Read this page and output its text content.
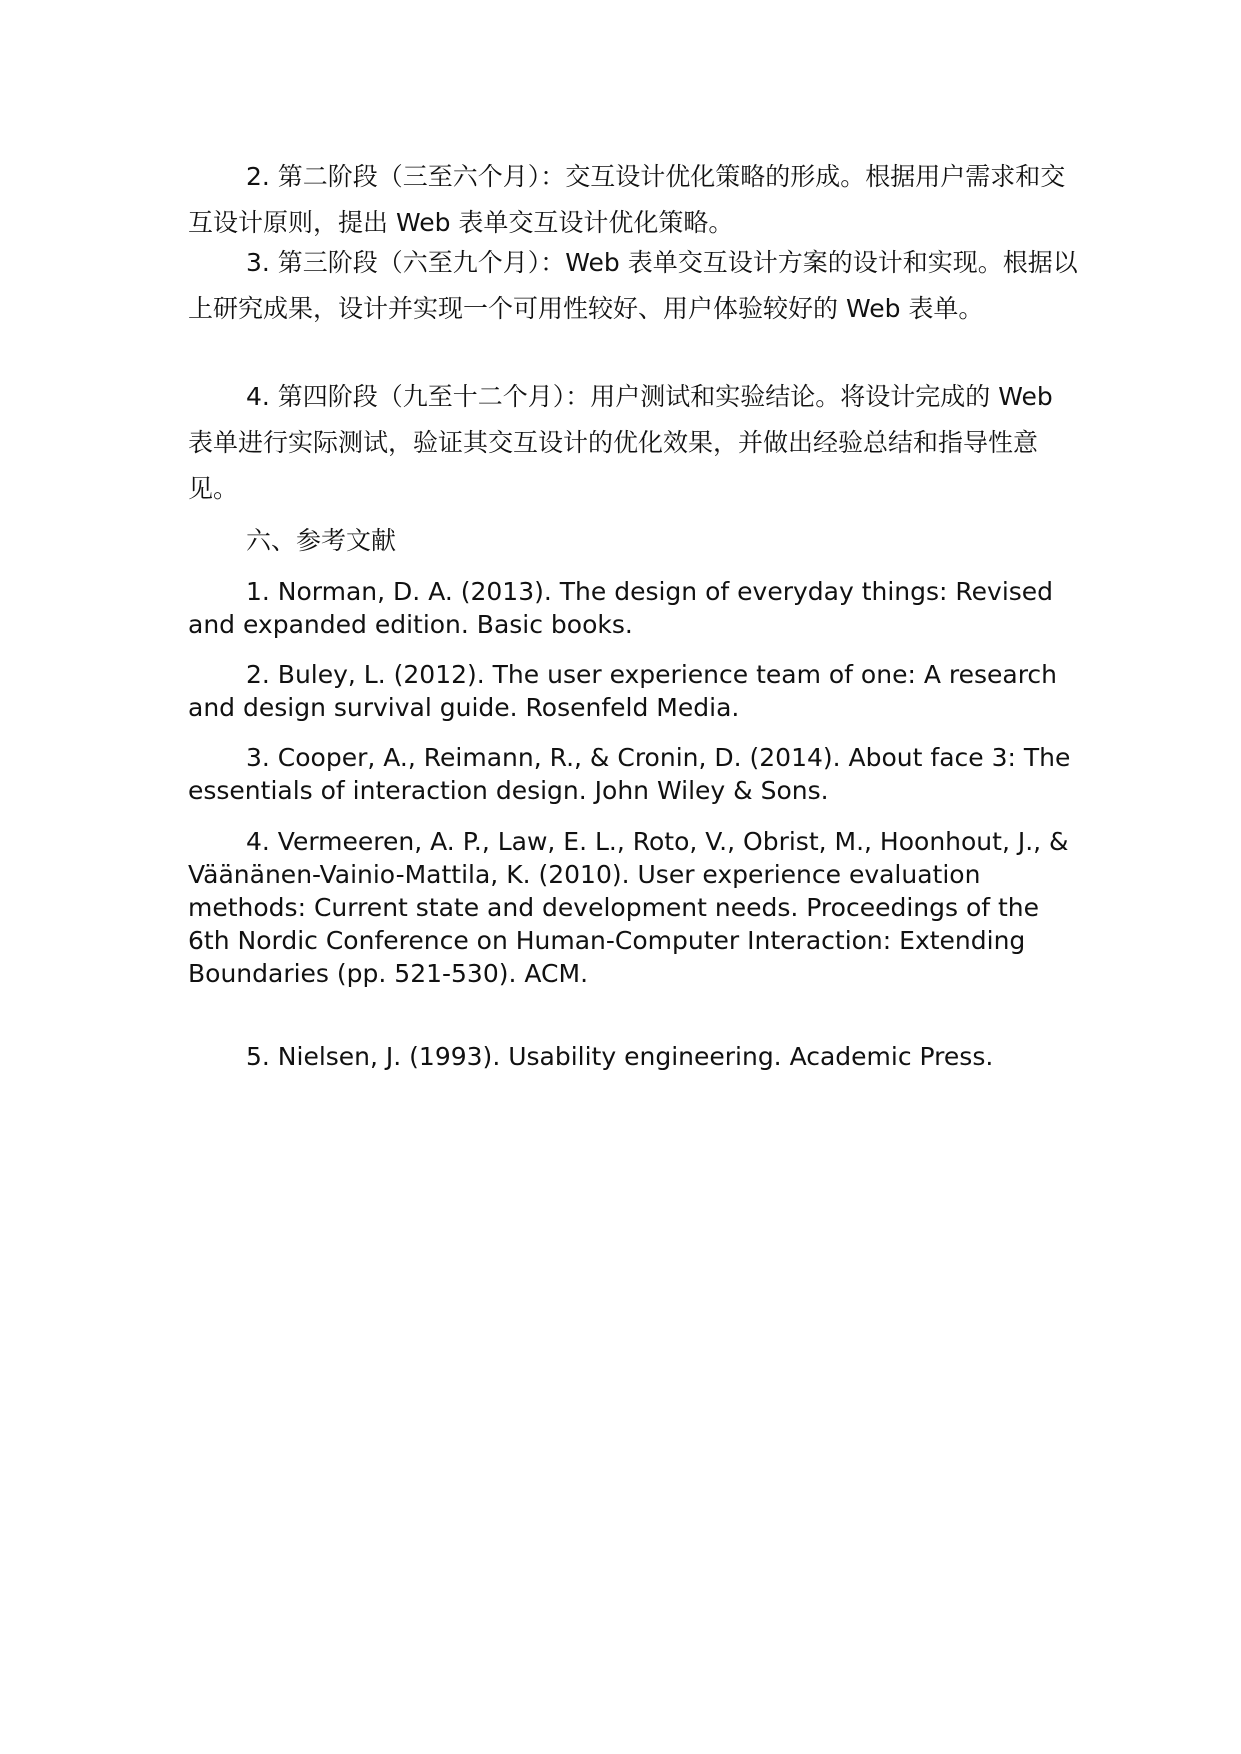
2. 第二阶段（三至六个月）：交互设计优化策略的形成。根据用户需求和交互设计原则，提出 Web 表单交互设计优化策略。

3. 第三阶段（六至九个月）：Web 表单交互设计方案的设计和实现。根据以上研究成果，设计并实现一个可用性较好、用户体验较好的 Web 表单。

4. 第四阶段（九至十二个月）：用户测试和实验结论。将设计完成的 Web 表单进行实际测试，验证其交互设计的优化效果，并做出经验总结和指导性意见。

六、参考文献

1. Norman, D. A. (2013). The design of everyday things: Revised and expanded edition. Basic books.

2. Buley, L. (2012). The user experience team of one: A research and design survival guide. Rosenfeld Media.

3. Cooper, A., Reimann, R., & Cronin, D. (2014). About face 3: The essentials of interaction design. John Wiley & Sons.

4. Vermeeren, A. P., Law, E. L., Roto, V., Obrist, M., Hoonhout, J., & Väänänen-Vainio-Mattila, K. (2010). User experience evaluation methods: Current state and development needs. Proceedings of the 6th Nordic Conference on Human-Computer Interaction: Extending Boundaries (pp. 521-530). ACM.

5. Nielsen, J. (1993). Usability engineering. Academic Press.
